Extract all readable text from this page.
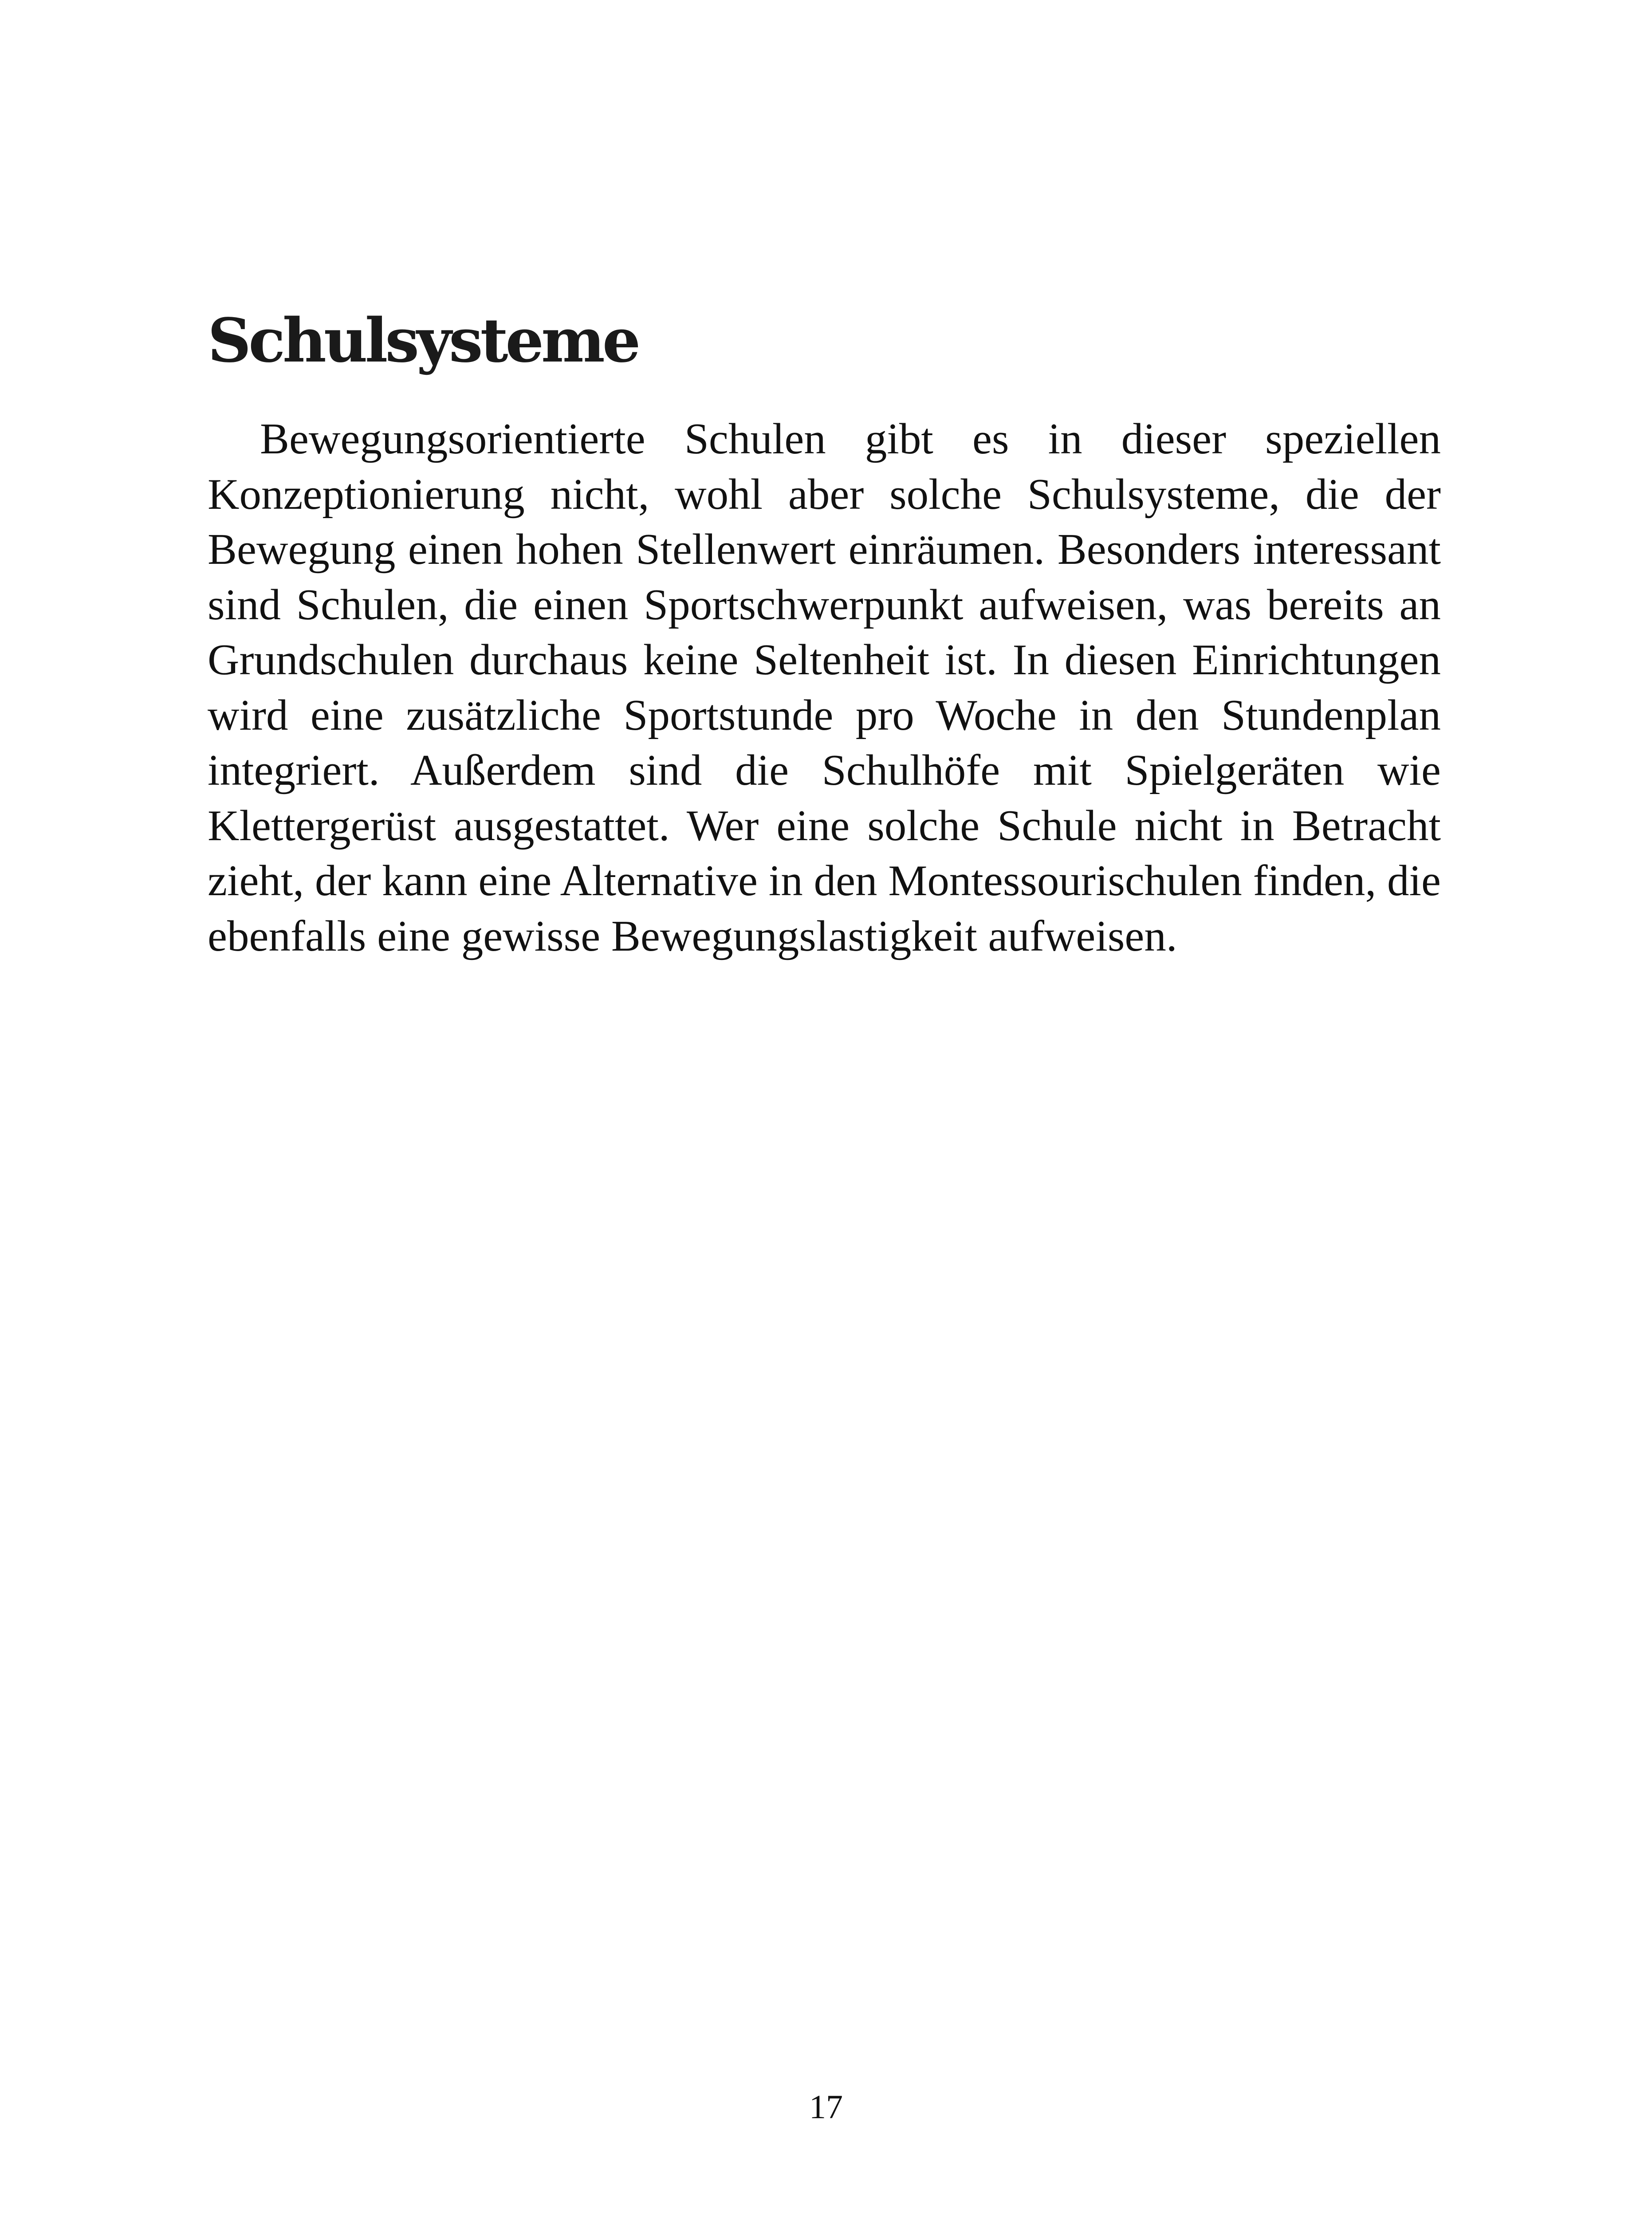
Schulsysteme

Bewegungsorientierte Schulen gibt es in dieser speziellen Konzeptionierung nicht, wohl aber solche Schulsysteme, die der Bewegung einen hohen Stellenwert einräumen. Besonders interessant sind Schulen, die einen Sportschwerpunkt aufweisen, was bereits an Grundschulen durchaus keine Seltenheit ist. In diesen Einrichtungen wird eine zusätzliche Sportstunde pro Woche in den Stundenplan integriert. Außerdem sind die Schulhöfe mit Spielgeräten wie Klettergerüst ausgestattet. Wer eine solche Schule nicht in Betracht zieht, der kann eine Alternative in den Montessourischulen finden, die ebenfalls eine gewisse Bewegungslastigkeit aufweisen.

17
